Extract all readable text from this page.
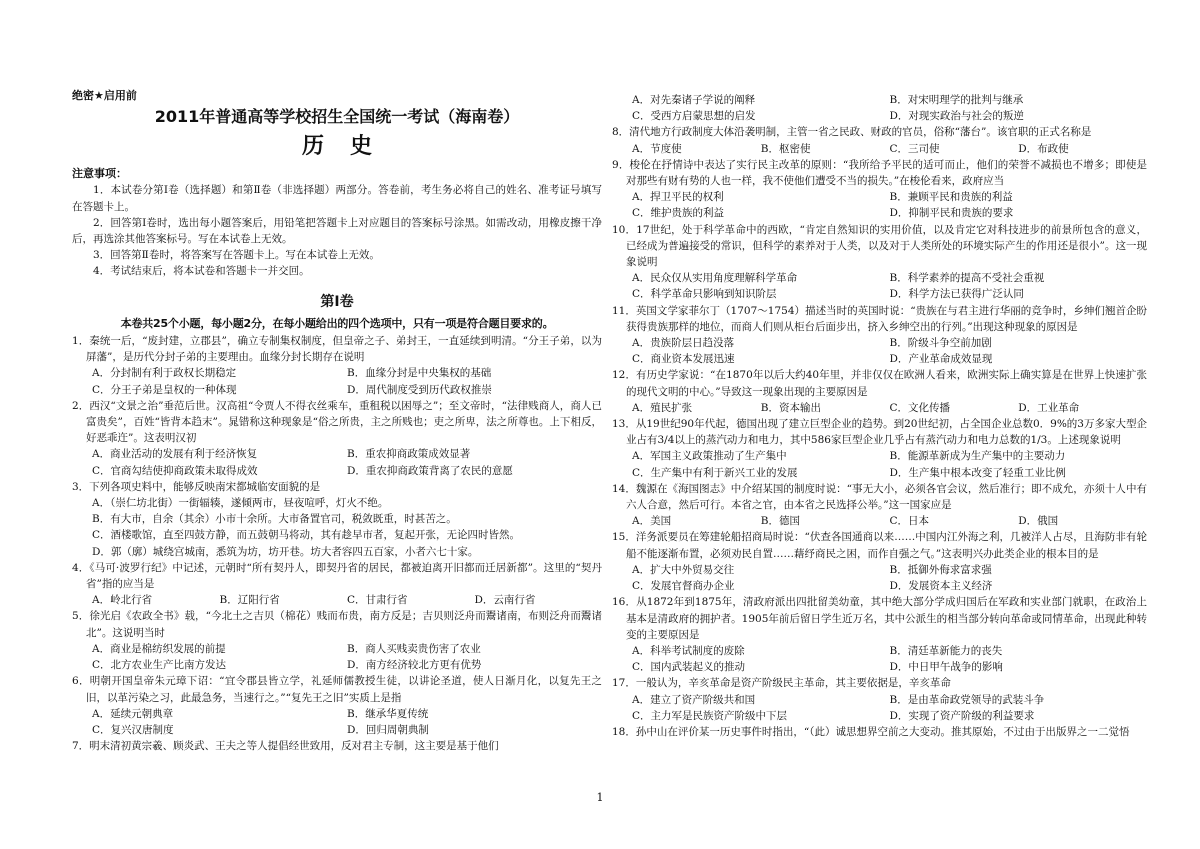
绝密★启用前
2011年普通高等学校招生全国统一考试（海南卷）
历史
注意事项：
1．本试卷分第Ⅰ卷（选择题）和第Ⅱ卷（非选择题）两部分。答卷前，考生务必将自己的姓名、准考证号填写在答题卡上。
2．回答第Ⅰ卷时，选出每小题答案后，用铅笔把答题卡上对应题目的答案标号涂黑。如需改动，用橡皮擦干净后，再选涂其他答案标号。写在本试卷上无效。
3．回答第Ⅱ卷时，将答案写在答题卡上。写在本试卷上无效。
4．考试结束后，将本试卷和答题卡一并交回。
第Ⅰ卷
本卷共25个小题，每小题2分，在每小题给出的四个选项中，只有一项是符合题目要求的。
1．秦统一后，“废封建，立郡县”，确立专制集权制度，但皇帝之子、弟封王，一直延续到明清。“分王子弟，以为屏藩”，是历代分封子弟的主要理由。血缘分封长期存在说明
A．分封制有利于政权长期稳定	B．血缘分封是中央集权的基础
C．分王子弟是皇权的一种体现	D．周代制度受到历代政权推崇
2．西汉“文景之治”垂范后世。汉高祖“令贾人不得衣丝乘车，重租税以困辱之”；至文帝时，“法律贱商人，商人已富贵矣”，百姓“皆背本趋末”。晁错称这种现象是“俗之所贵，主之所贱也；吏之所卑，法之所尊也。上下相反，好恶乖迕”。这表明汉初
A．商业活动的发展有利于经济恢复	B．重农抑商政策成效显著
C．官商勾结使抑商政策未取得成效	D．重农抑商政策背离了农民的意愿
3．下列各项史料中，能够反映南宋都城临安面貌的是
A．（崇仁坊北街）一街辐辏，遂倾两市，昼夜喧呼，灯火不绝。
B．有大市，自余（其余）小市十余所。大市备置官司，税敛既重，时甚苦之。
C．酒楼歌馆，直至四鼓方静，而五鼓朝马将动，其有趁早市者，复起开张，无论四时皆然。
D．郭（廓）城绕宫城南，悉筑为坊，坊开巷。坊大者容四五百家，小者六七十家。
4．《马可·波罗行纪》中记述，元朝时“所有契丹人，即契丹省的居民，都被迫离开旧都而迁居新都”。这里的“契丹省”指的应当是
A．岭北行省	B．辽阳行省	C．甘肃行省	D．云南行省
5．徐光启《农政全书》载，“今北土之吉贝（棉花）贱而布贵，南方反是；吉贝则泛舟而鬻诸南，布则泛舟而鬻诸北”。这说明当时
A．商业是棉纺织发展的前提	B．商人买贱卖贵伤害了农业
C．北方农业生产比南方发达	D．南方经济较北方更有优势
6．明朝开国皇帝朱元璋下诏：“宜令郡县皆立学，礼延师儒教授生徒，以讲论圣道，使人日渐月化，以复先王之旧，以革污染之习，此最急务，当速行之。”“复先王之旧”实质上是指
A．延续元朝典章	B．继承华夏传统
C．复兴汉唐制度	D．回归周朝典制
7．明末清初黄宗羲、顾炎武、王夫之等人提倡经世致用，反对君主专制，这主要是基于他们
A．对先秦诸子学说的阐释	B．对宋明理学的批判与继承
C．受西方启蒙思想的启发	D．对现实政治与社会的叛逆
8．清代地方行政制度大体沿袭明制，主管一省之民政、财政的官员，俗称“藩台”。该官职的正式名称是
A．节度使	B．枢密使	C．三司使	D．布政使
9．梭伦在抒情诗中表达了实行民主改革的原则：“我所给予平民的适可而止，他们的荣誉不减损也不增多；即使是对那些有财有势的人也一样，我不使他们遭受不当的损失。”在梭伦看来，政府应当
A．捍卫平民的权利	B．兼顾平民和贵族的利益
C．维护贵族的利益	D．抑制平民和贵族的要求
10．17世纪，处于科学革命中的西欧，“肯定自然知识的实用价值，以及肯定它对科技进步的前景所包含的意义，已经成为普遍接受的常识，但科学的素养对于人类，以及对于人类所处的环境实际产生的作用还是很小”。这一现象说明
A．民众仅从实用角度理解科学革命	B．科学素养的提高不受社会重视
C．科学革命只影响到知识阶层	D．科学方法已获得广泛认同
11．英国文学家菲尔丁（1707～1754）描述当时的英国时说：“贵族在与君主进行华丽的竞争时，乡绅们翘首企盼获得贵族那样的地位，而商人们则从柜台后面步出，挤入乡绅空出的行列。”出现这种现象的原因是
A．贵族阶层日趋没落	B．阶级斗争空前加剧
C．商业资本发展迅速	D．产业革命成效显现
12．有历史学家说：“在1870年以后大约40年里，并非仅仅在欧洲人看来，欧洲实际上确实算是在世界上快速扩张的现代文明的中心。”导致这一现象出现的主要原因是
A．殖民扩张	B．资本输出	C．文化传播	D．工业革命
13．从19世纪90年代起，德国出现了建立巨型企业的趋势。到20世纪初，占全国企业总数0．9%的3万多家大型企业占有3/4以上的蒸汽动力和电力，其中586家巨型企业几乎占有蒸汽动力和电力总数的1/3。上述现象说明
A．军国主义政策推动了生产集中	B．能源革新成为生产集中的主要动力
C．生产集中有利于新兴工业的发展	D．生产集中根本改变了轻重工业比例
14．魏源在《海国图志》中介绍某国的制度时说：“事无大小，必须各官会议，然后准行；即不成允，亦须十人中有六人合意，然后可行。本省之官，由本省之民选择公举。”这一国家应是
A．美国	B．德国	C．日本	D．俄国
15．洋务派要员在筹建轮船招商局时说：“伏查各国通商以来……中国内江外海之利，几被洋人占尽，且海防非有轮船不能逐渐布置，必须劝民自置……藉纾商民之困，而作自强之气。”这表明兴办此类企业的根本目的是
A．扩大中外贸易交往	B．抵御外侮求富求强
C．发展官督商办企业	D．发展资本主义经济
16．从1872年到1875年，清政府派出四批留美幼童，其中绝大部分学成归国后在军政和实业部门就职，在政治上基本是清政府的拥护者。1905年前后留日学生近万名，其中公派生的相当部分转向革命或同情革命，出现此种转变的主要原因是
A．科举考试制度的废除	B．清廷革新能力的丧失
C．国内武装起义的推动	D．中日甲午战争的影响
17．一般认为，辛亥革命是资产阶级民主革命，其主要依据是，辛亥革命
A．建立了资产阶级共和国	B．是由革命政党领导的武装斗争
C．主力军是民族资产阶级中下层	D．实现了资产阶级的利益要求
18．孙中山在评价某一历史事件时指出，“（此）诚思想界空前之大变动。推其原始，不过由于出版界之一二觉悟
1
